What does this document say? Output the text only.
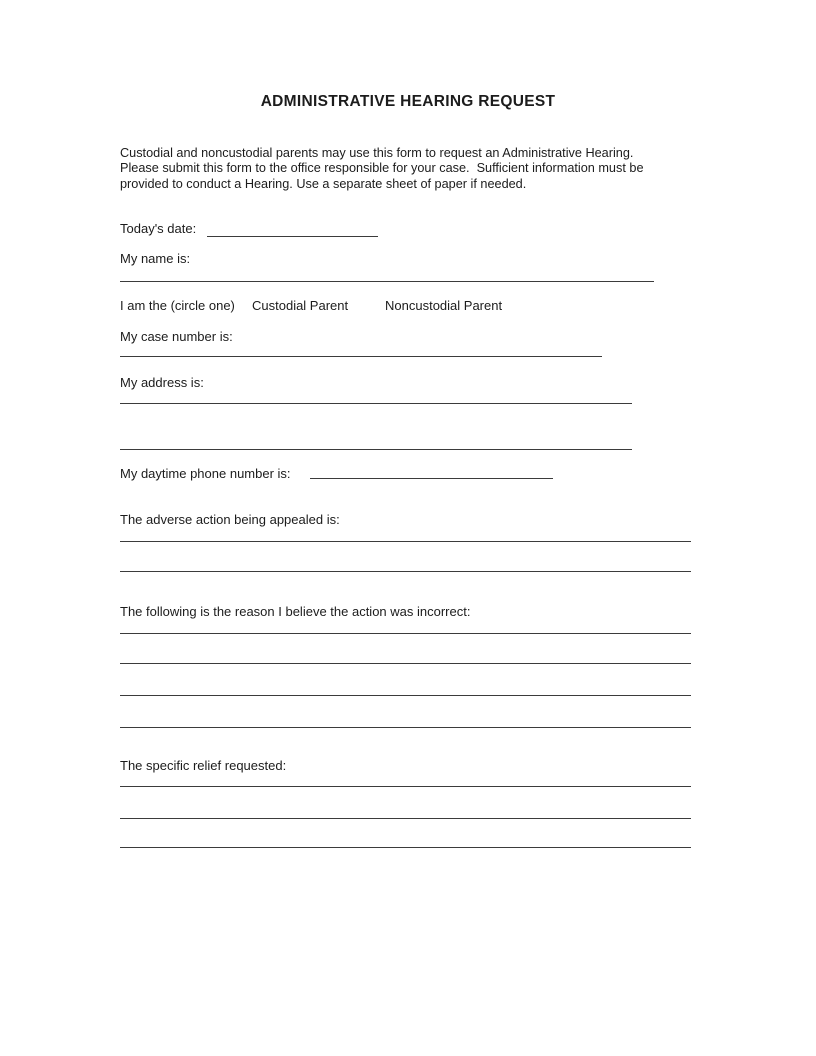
ADMINISTRATIVE HEARING REQUEST
Custodial and noncustodial parents may use this form to request an Administrative Hearing.
Please submit this form to the office responsible for your case.  Sufficient information must be
provided to conduct a Hearing. Use a separate sheet of paper if needed.
Today's date:
My name is:
I am the (circle one) Custodial Parent	Noncustodial Parent
My case number is:
My address is:
My daytime phone number is:
The adverse action being appealed is:
The following is the reason I believe the action was incorrect:
The specific relief requested:
